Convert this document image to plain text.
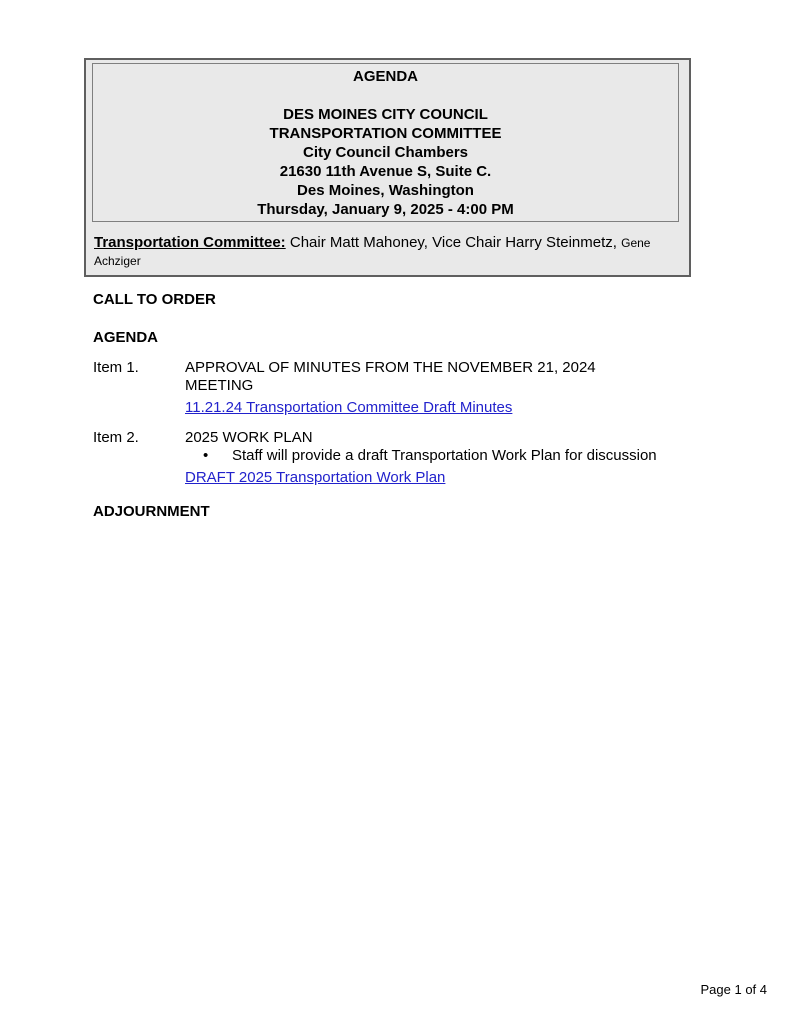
AGENDA
DES MOINES CITY COUNCIL
TRANSPORTATION COMMITTEE
City Council Chambers
21630 11th Avenue S, Suite C.
Des Moines, Washington
Thursday, January 9, 2025 - 4:00 PM
Transportation Committee: Chair Matt Mahoney, Vice Chair Harry Steinmetz, Gene Achziger

CALL TO ORDER

AGENDA

Item 1.	APPROVAL OF MINUTES FROM THE NOVEMBER 21, 2024 MEETING

11.21.24 Transportation Committee Draft Minutes
Item 2.	2025 WORK PLAN

• Staff will provide a draft Transportation Work Plan for discussion

DRAFT 2025 Transportation Work Plan

ADJOURNMENT

Page 1 of 4
